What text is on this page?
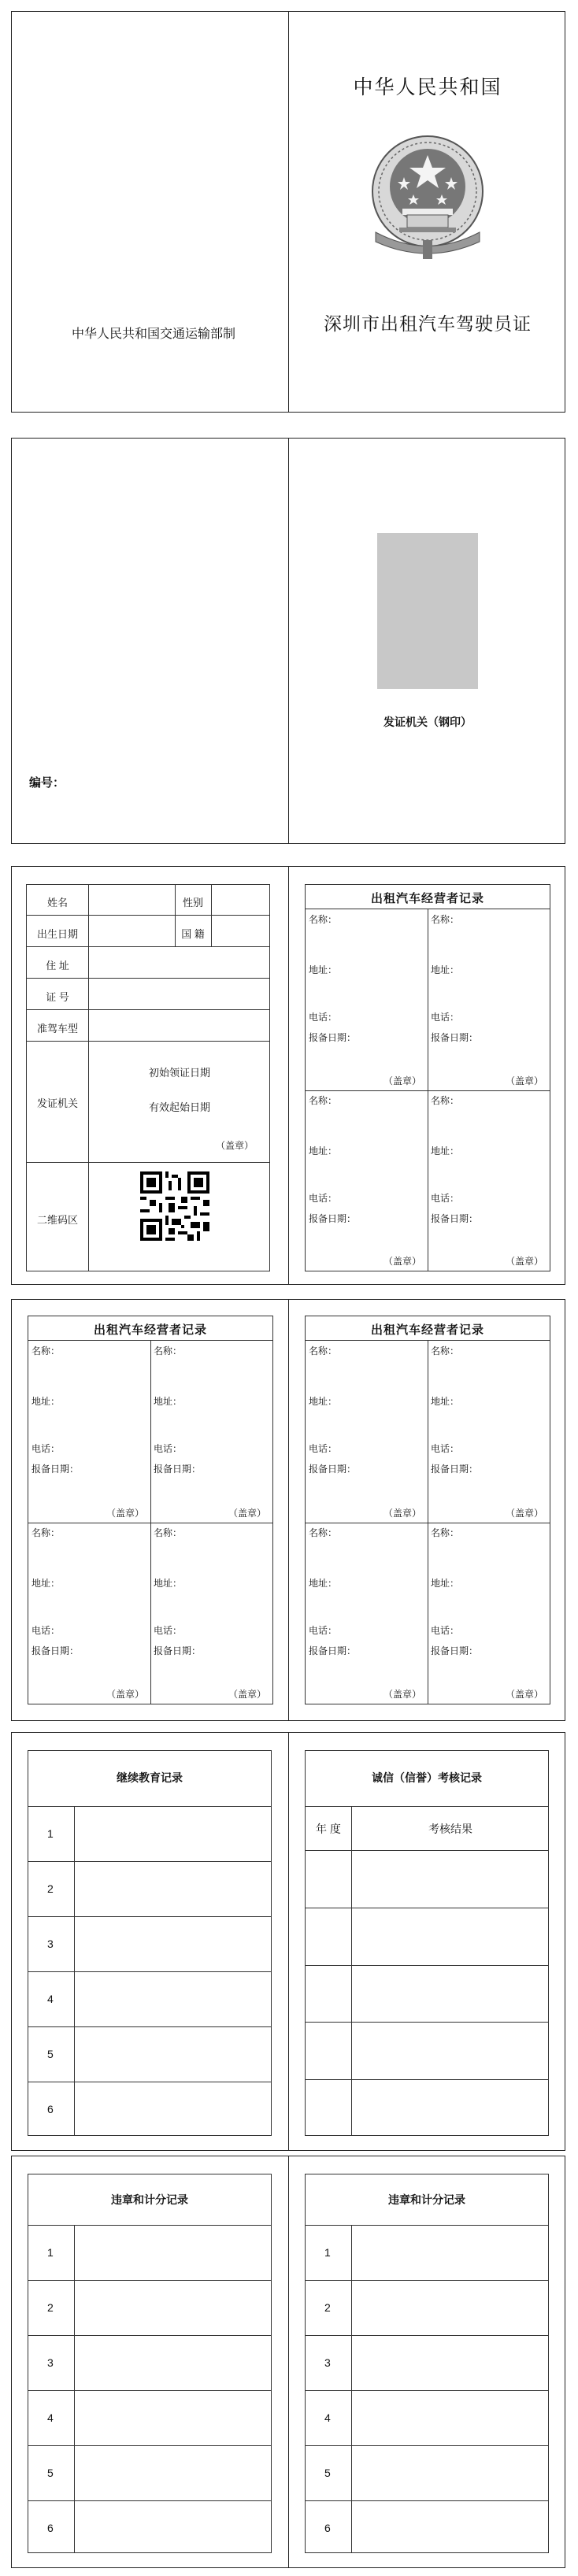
中华人民共和国交通运输部制
中华人民共和国
深圳市出租汽车驾驶员证
编号：
发证机关（钢印）
姓名	性别
出生日期	国 籍
住 址
证 号
准驾车型
发证机关
初始领证日期
有效起始日期
（盖章）
二维码区
出租汽车经营者记录
名称：
地址：
电话：
报备日期：
（盖章）
名称：
地址：
电话：
报备日期：
（盖章）
名称：
地址：
电话：
报备日期：
（盖章）
名称：
地址：
电话：
报备日期：
（盖章）
出租汽车经营者记录
名称：
地址：
电话：
报备日期：
（盖章）
名称：
地址：
电话：
报备日期：
（盖章）
名称：
地址：
电话：
报备日期：
（盖章）
名称：
地址：
电话：
报备日期：
（盖章）
出租汽车经营者记录
名称：
地址：
电话：
报备日期：
（盖章）
名称：
地址：
电话：
报备日期：
（盖章）
名称：
地址：
电话：
报备日期：
（盖章）
名称：
地址：
电话：
报备日期：
（盖章）
继续教育记录
1
2
3
4
5
6
诚信（信誉）考核记录
年 度	考核结果
违章和计分记录
1
2
3
4
5
6
违章和计分记录
1
2
3
4
5
6
